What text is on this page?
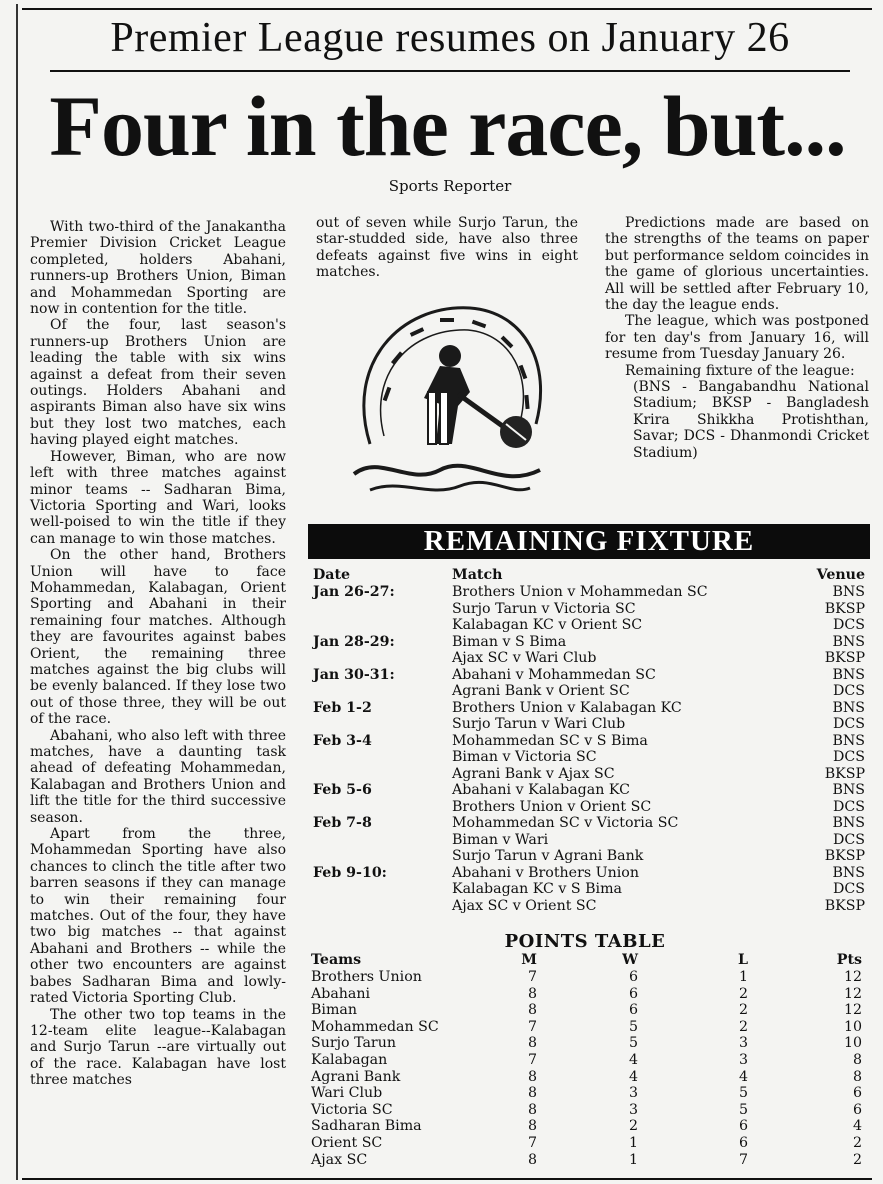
Premier League resumes on January 26
Four in the race, but...
Sports Reporter

With two-third of the Janakantha Premier Division Cricket League completed, holders Abahani, runners-up Brothers Union, Biman and Mohammedan Sporting are now in contention for the title.

Of the four, last season's runners-up Brothers Union are leading the table with six wins against a defeat from their seven outings. Holders Abahani and aspirants Biman also have six wins but they lost two matches, each having played eight matches.

However, Biman, who are now left with three matches against minor teams -- Sadharan Bima, Victoria Sporting and Wari, looks well-poised to win the title if they can manage to win those matches.

On the other hand, Brothers Union will have to face Mohammedan, Kalabagan, Orient Sporting and Abahani in their remaining four matches. Although they are favourites against babes Orient, the remaining three matches against the big clubs will be evenly balanced. If they lose two out of those three, they will be out of the race.

Abahani, who also left with three matches, have a daunting task ahead of defeating Mohammedan, Kalabagan and Brothers Union and lift the title for the third successive season.

Apart from the three, Mohammedan Sporting have also chances to clinch the title after two barren seasons if they can manage to win their remaining four matches. Out of the four, they have two big matches -- that against Abahani and Brothers -- while the other two encounters are against babes Sadharan Bima and lowly-rated Victoria Sporting Club.

The other two top teams in the 12-team elite league--Kalabagan and Surjo Tarun --are virtually out of the race. Kalabagan have lost three matches

out of seven while Surjo Tarun, the star-studded side, have also three defeats against five wins in eight matches.

Predictions made are based on the strengths of the teams on paper but performance seldom coincides in the game of glorious uncertainties. All will be settled after February 10, the day the league ends.

The league, which was postponed for ten day's from January 16, will resume from Tuesday January 26.

Remaining fixture of the league:

(BNS - Bangabandhu National Stadium; BKSP - Bangladesh Krira Shikkha Protishthan, Savar; DCS - Dhanmondi Cricket Stadium)

REMAINING FIXTURE
Date	Match	Venue
Jan 26-27:	Brothers Union v Mohammedan SC	BNS
Surjo Tarun v Victoria SC	BKSP
Kalabagan KC v Orient SC	DCS
Jan 28-29:	Biman v S Bima	BNS
Ajax SC v Wari Club	BKSP
Jan 30-31:	Abahani v Mohammedan SC	BNS
Agrani Bank v Orient SC	DCS
Feb 1-2	Brothers Union v Kalabagan KC	BNS
Surjo Tarun v Wari Club	DCS
Feb 3-4	Mohammedan SC v S Bima	BNS
Biman v Victoria SC	DCS
Agrani Bank v Ajax SC	BKSP
Feb 5-6	Abahani v Kalabagan KC	BNS
Brothers Union v Orient SC	DCS
Feb 7-8	Mohammedan SC v Victoria SC	BNS
Biman v Wari	DCS
Surjo Tarun v Agrani Bank	BKSP
Feb 9-10:	Abahani v Brothers Union	BNS
Kalabagan KC v S Bima	DCS
Ajax SC v Orient SC	BKSP
POINTS TABLE
Teams	M	W	L	Pts
Brothers Union	7	6	1	12
Abahani	8	6	2	12
Biman	8	6	2	12
Mohammedan SC	7	5	2	10
Surjo Tarun	8	5	3	10
Kalabagan	7	4	3	8
Agrani Bank	8	4	4	8
Wari Club	8	3	5	6
Victoria SC	8	3	5	6
Sadharan Bima	8	2	6	4
Orient SC	7	1	6	2
Ajax SC	8	1	7	2
